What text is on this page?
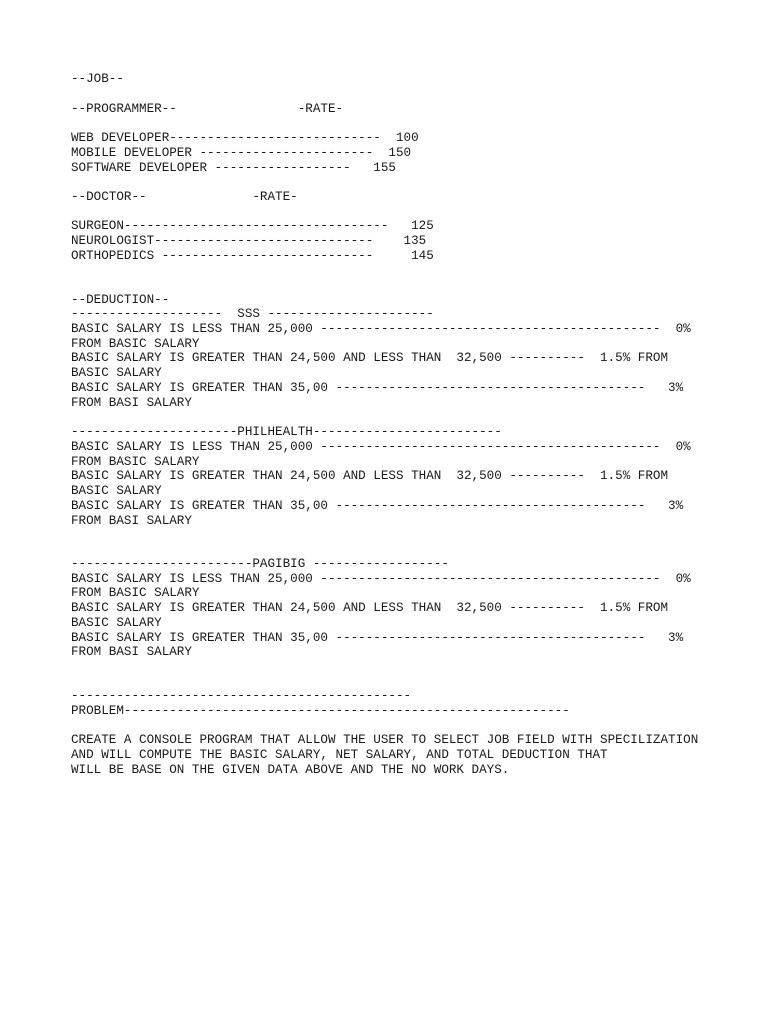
--JOB--
--PROGRAMMER--                -RATE-
WEB DEVELOPER----------------------------  100
MOBILE DEVELOPER -----------------------  150
SOFTWARE DEVELOPER ------------------   155
--DOCTOR--              -RATE-
SURGEON-----------------------------------   125
NEUROLOGIST-----------------------------    135
ORTHOPEDICS ----------------------------     145
--DEDUCTION--
--------------------  SSS ----------------------
BASIC SALARY IS LESS THAN 25,000 ---------------------------------------------  0%
FROM BASIC SALARY
BASIC SALARY IS GREATER THAN 24,500 AND LESS THAN  32,500 ----------  1.5% FROM
BASIC SALARY
BASIC SALARY IS GREATER THAN 35,00 -----------------------------------------   3%
FROM BASI SALARY
----------------------PHILHEALTH-------------------------
BASIC SALARY IS LESS THAN 25,000 ---------------------------------------------  0%
FROM BASIC SALARY
BASIC SALARY IS GREATER THAN 24,500 AND LESS THAN  32,500 ----------  1.5% FROM
BASIC SALARY
BASIC SALARY IS GREATER THAN 35,00 -----------------------------------------   3%
FROM BASI SALARY
------------------------PAGIBIG ------------------
BASIC SALARY IS LESS THAN 25,000 ---------------------------------------------  0%
FROM BASIC SALARY
BASIC SALARY IS GREATER THAN 24,500 AND LESS THAN  32,500 ----------  1.5% FROM
BASIC SALARY
BASIC SALARY IS GREATER THAN 35,00 -----------------------------------------   3%
FROM BASI SALARY
---------------------------------------------
PROBLEM-----------------------------------------------------------
CREATE A CONSOLE PROGRAM THAT ALLOW THE USER TO SELECT JOB FIELD WITH SPECILIZATION
AND WILL COMPUTE THE BASIC SALARY, NET SALARY, AND TOTAL DEDUCTION THAT
WILL BE BASE ON THE GIVEN DATA ABOVE AND THE NO WORK DAYS.
